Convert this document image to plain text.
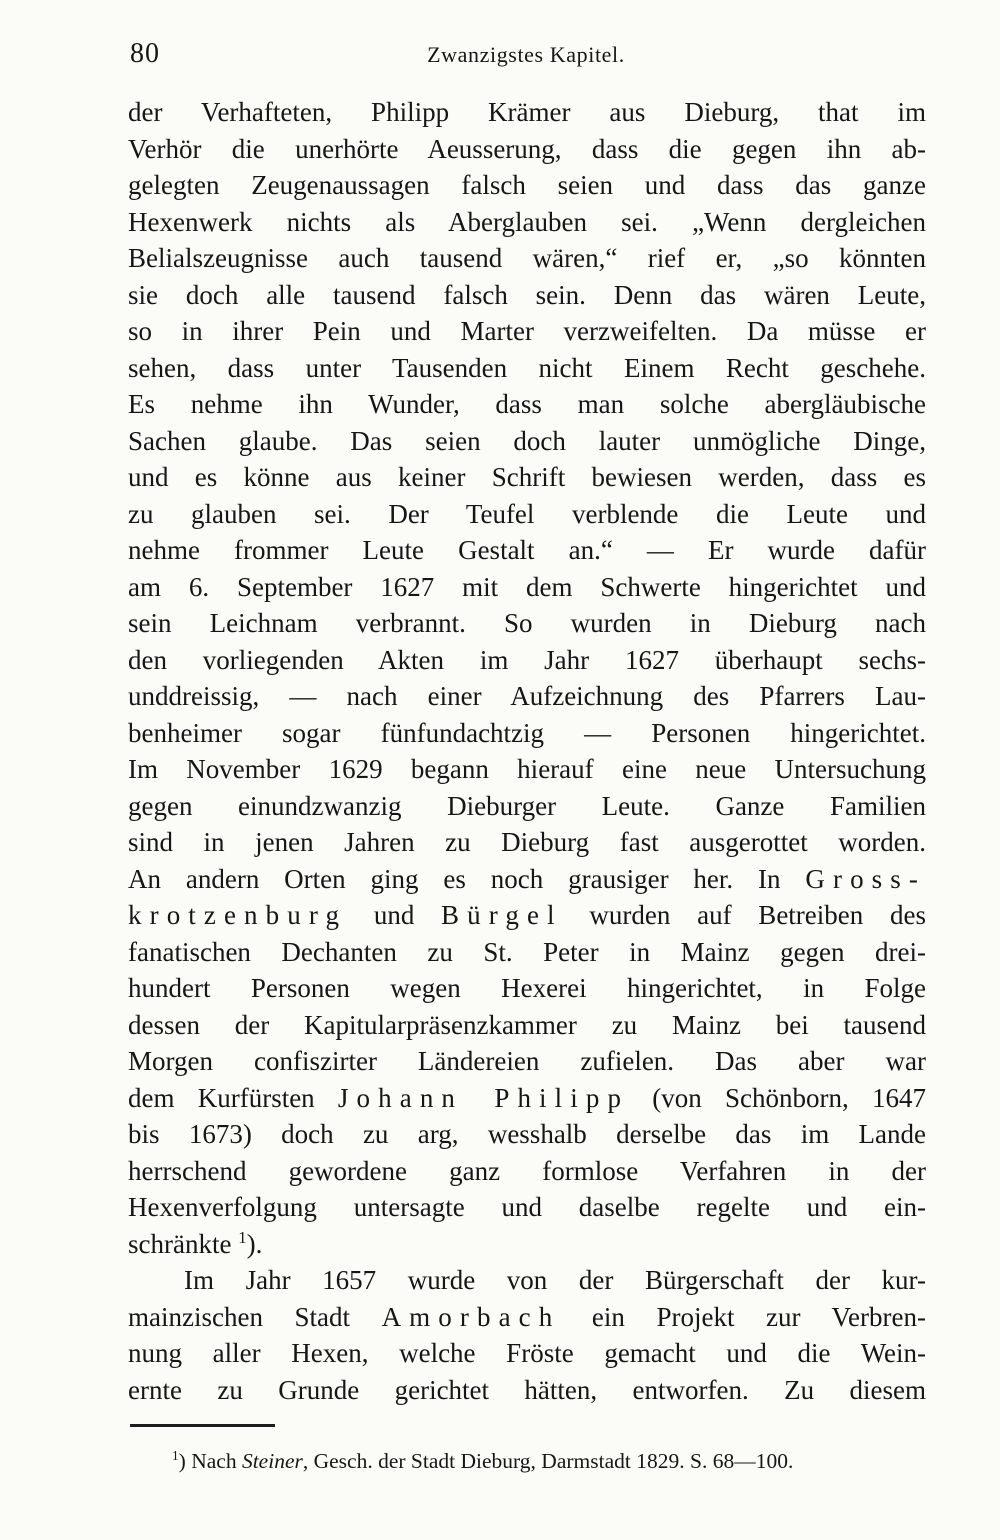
80	Zwanzigstes Kapitel.
der Verhafteten, Philipp Krämer aus Dieburg, that im
Verhör die unerhörte Aeusserung, dass die gegen ihn ab-
gelegten Zeugenaussagen falsch seien und dass das ganze
Hexenwerk nichts als Aberglauben sei. „Wenn dergleichen
Belialszeugnisse auch tausend wären,“ rief er, „so könnten
sie doch alle tausend falsch sein. Denn das wären Leute,
so in ihrer Pein und Marter verzweifelten. Da müsse er
sehen, dass unter Tausenden nicht Einem Recht geschehe.
Es nehme ihn Wunder, dass man solche abergläubische
Sachen glaube. Das seien doch lauter unmögliche Dinge,
und es könne aus keiner Schrift bewiesen werden, dass es
zu glauben sei. Der Teufel verblende die Leute und
nehme frommer Leute Gestalt an.“ — Er wurde dafür
am 6. September 1627 mit dem Schwerte hingerichtet und
sein Leichnam verbrannt. So wurden in Dieburg nach
den vorliegenden Akten im Jahr 1627 überhaupt sechs-
unddreissig, — nach einer Aufzeichnung des Pfarrers Lau-
benheimer sogar fünfundachtzig — Personen hingerichtet.
Im November 1629 begann hierauf eine neue Untersuchung
gegen einundzwanzig Dieburger Leute. Ganze Familien
sind in jenen Jahren zu Dieburg fast ausgerottet worden.
An andern Orten ging es noch grausiger her. In Gross-
krotzenburg und Bürgel wurden auf Betreiben des
fanatischen Dechanten zu St. Peter in Mainz gegen drei-
hundert Personen wegen Hexerei hingerichtet, in Folge
dessen der Kapitularpräsenzkammer zu Mainz bei tausend
Morgen confiszirter Ländereien zufielen. Das aber war
dem Kurfürsten Johann Philipp (von Schönborn, 1647
bis 1673) doch zu arg, wesshalb derselbe das im Lande
herrschend gewordene ganz formlose Verfahren in der
Hexenverfolgung untersagte und daselbe regelte und ein-
schränkte $^1$).
Im Jahr 1657 wurde von der Bürgerschaft der kur-
mainzischen Stadt Amorbach ein Projekt zur Verbren-
nung aller Hexen, welche Fröste gemacht und die Wein-
ernte zu Grunde gerichtet hätten, entworfen. Zu diesem
$^1$) Nach Steiner, Gesch. der Stadt Dieburg, Darmstadt 1829. S. 68—100.
